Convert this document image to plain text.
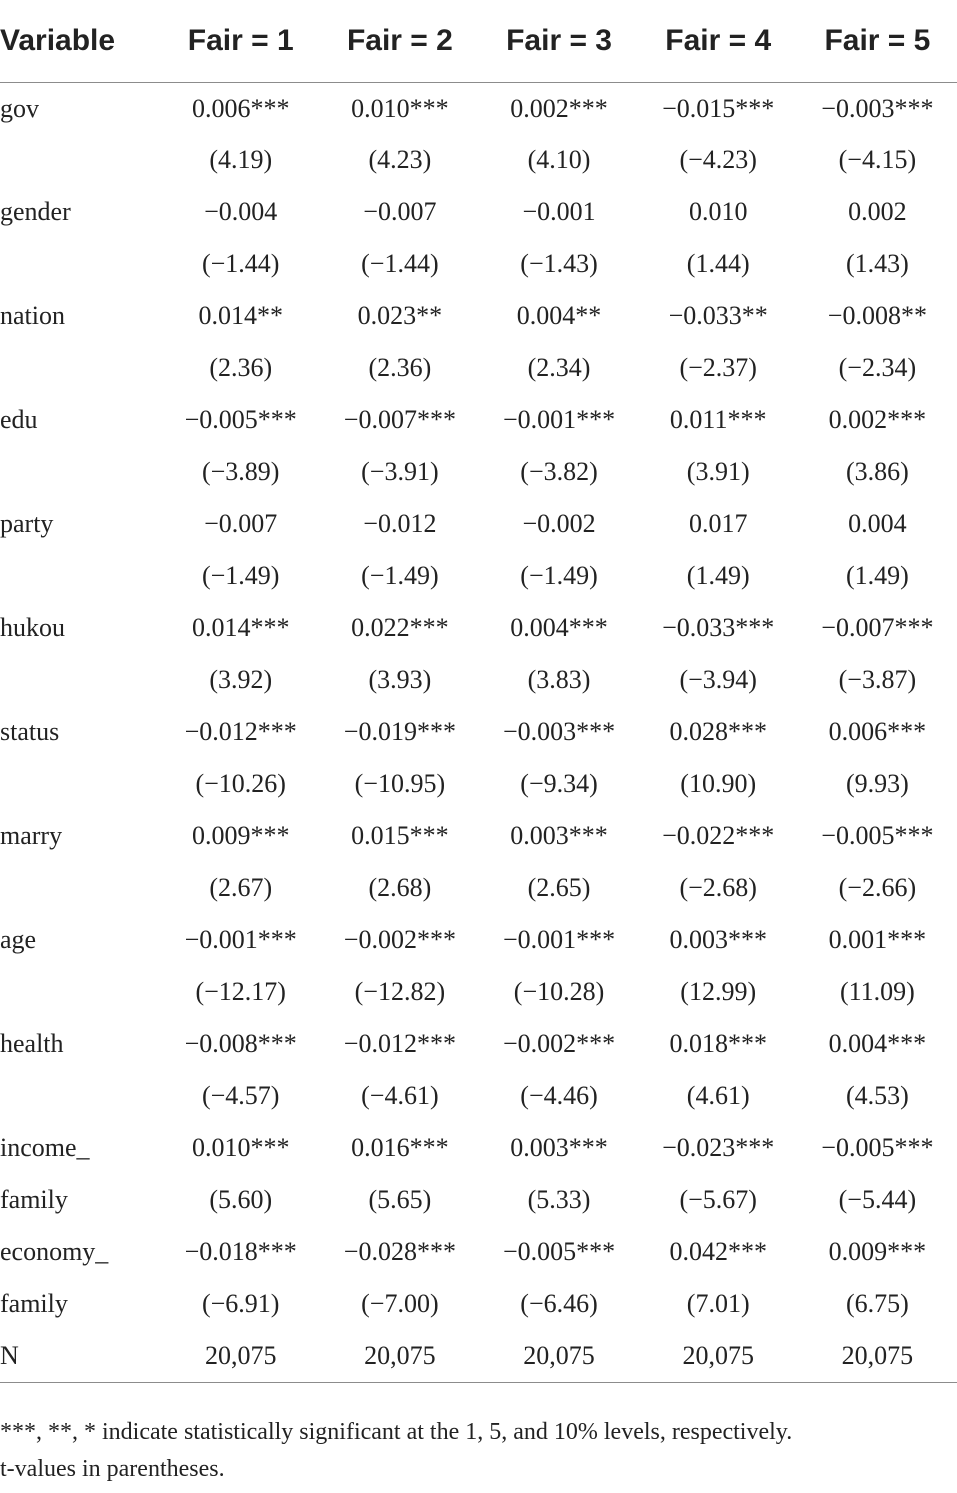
Variable	Fair = 1	Fair = 2	Fair = 3	Fair = 4	Fair = 5
gov	0.006***	0.010***	0.002***	−0.015***	−0.003***
	(4.19)	(4.23)	(4.10)	(−4.23)	(−4.15)
gender	−0.004	−0.007	−0.001	0.010	0.002
	(−1.44)	(−1.44)	(−1.43)	(1.44)	(1.43)
nation	0.014**	0.023**	0.004**	−0.033**	−0.008**
	(2.36)	(2.36)	(2.34)	(−2.37)	(−2.34)
edu	−0.005***	−0.007***	−0.001***	0.011***	0.002***
	(−3.89)	(−3.91)	(−3.82)	(3.91)	(3.86)
party	−0.007	−0.012	−0.002	0.017	0.004
	(−1.49)	(−1.49)	(−1.49)	(1.49)	(1.49)
hukou	0.014***	0.022***	0.004***	−0.033***	−0.007***
	(3.92)	(3.93)	(3.83)	(−3.94)	(−3.87)
status	−0.012***	−0.019***	−0.003***	0.028***	0.006***
	(−10.26)	(−10.95)	(−9.34)	(10.90)	(9.93)
marry	0.009***	0.015***	0.003***	−0.022***	−0.005***
	(2.67)	(2.68)	(2.65)	(−2.68)	(−2.66)
age	−0.001***	−0.002***	−0.001***	0.003***	0.001***
	(−12.17)	(−12.82)	(−10.28)	(12.99)	(11.09)
health	−0.008***	−0.012***	−0.002***	0.018***	0.004***
	(−4.57)	(−4.61)	(−4.46)	(4.61)	(4.53)
income_	0.010***	0.016***	0.003***	−0.023***	−0.005***
family	(5.60)	(5.65)	(5.33)	(−5.67)	(−5.44)
economy_	−0.018***	−0.028***	−0.005***	0.042***	0.009***
family	(−6.91)	(−7.00)	(−6.46)	(7.01)	(6.75)
N	20,075	20,075	20,075	20,075	20,075
***, **, * indicate statistically significant at the 1, 5, and 10% levels, respectively.
t-values in parentheses.
